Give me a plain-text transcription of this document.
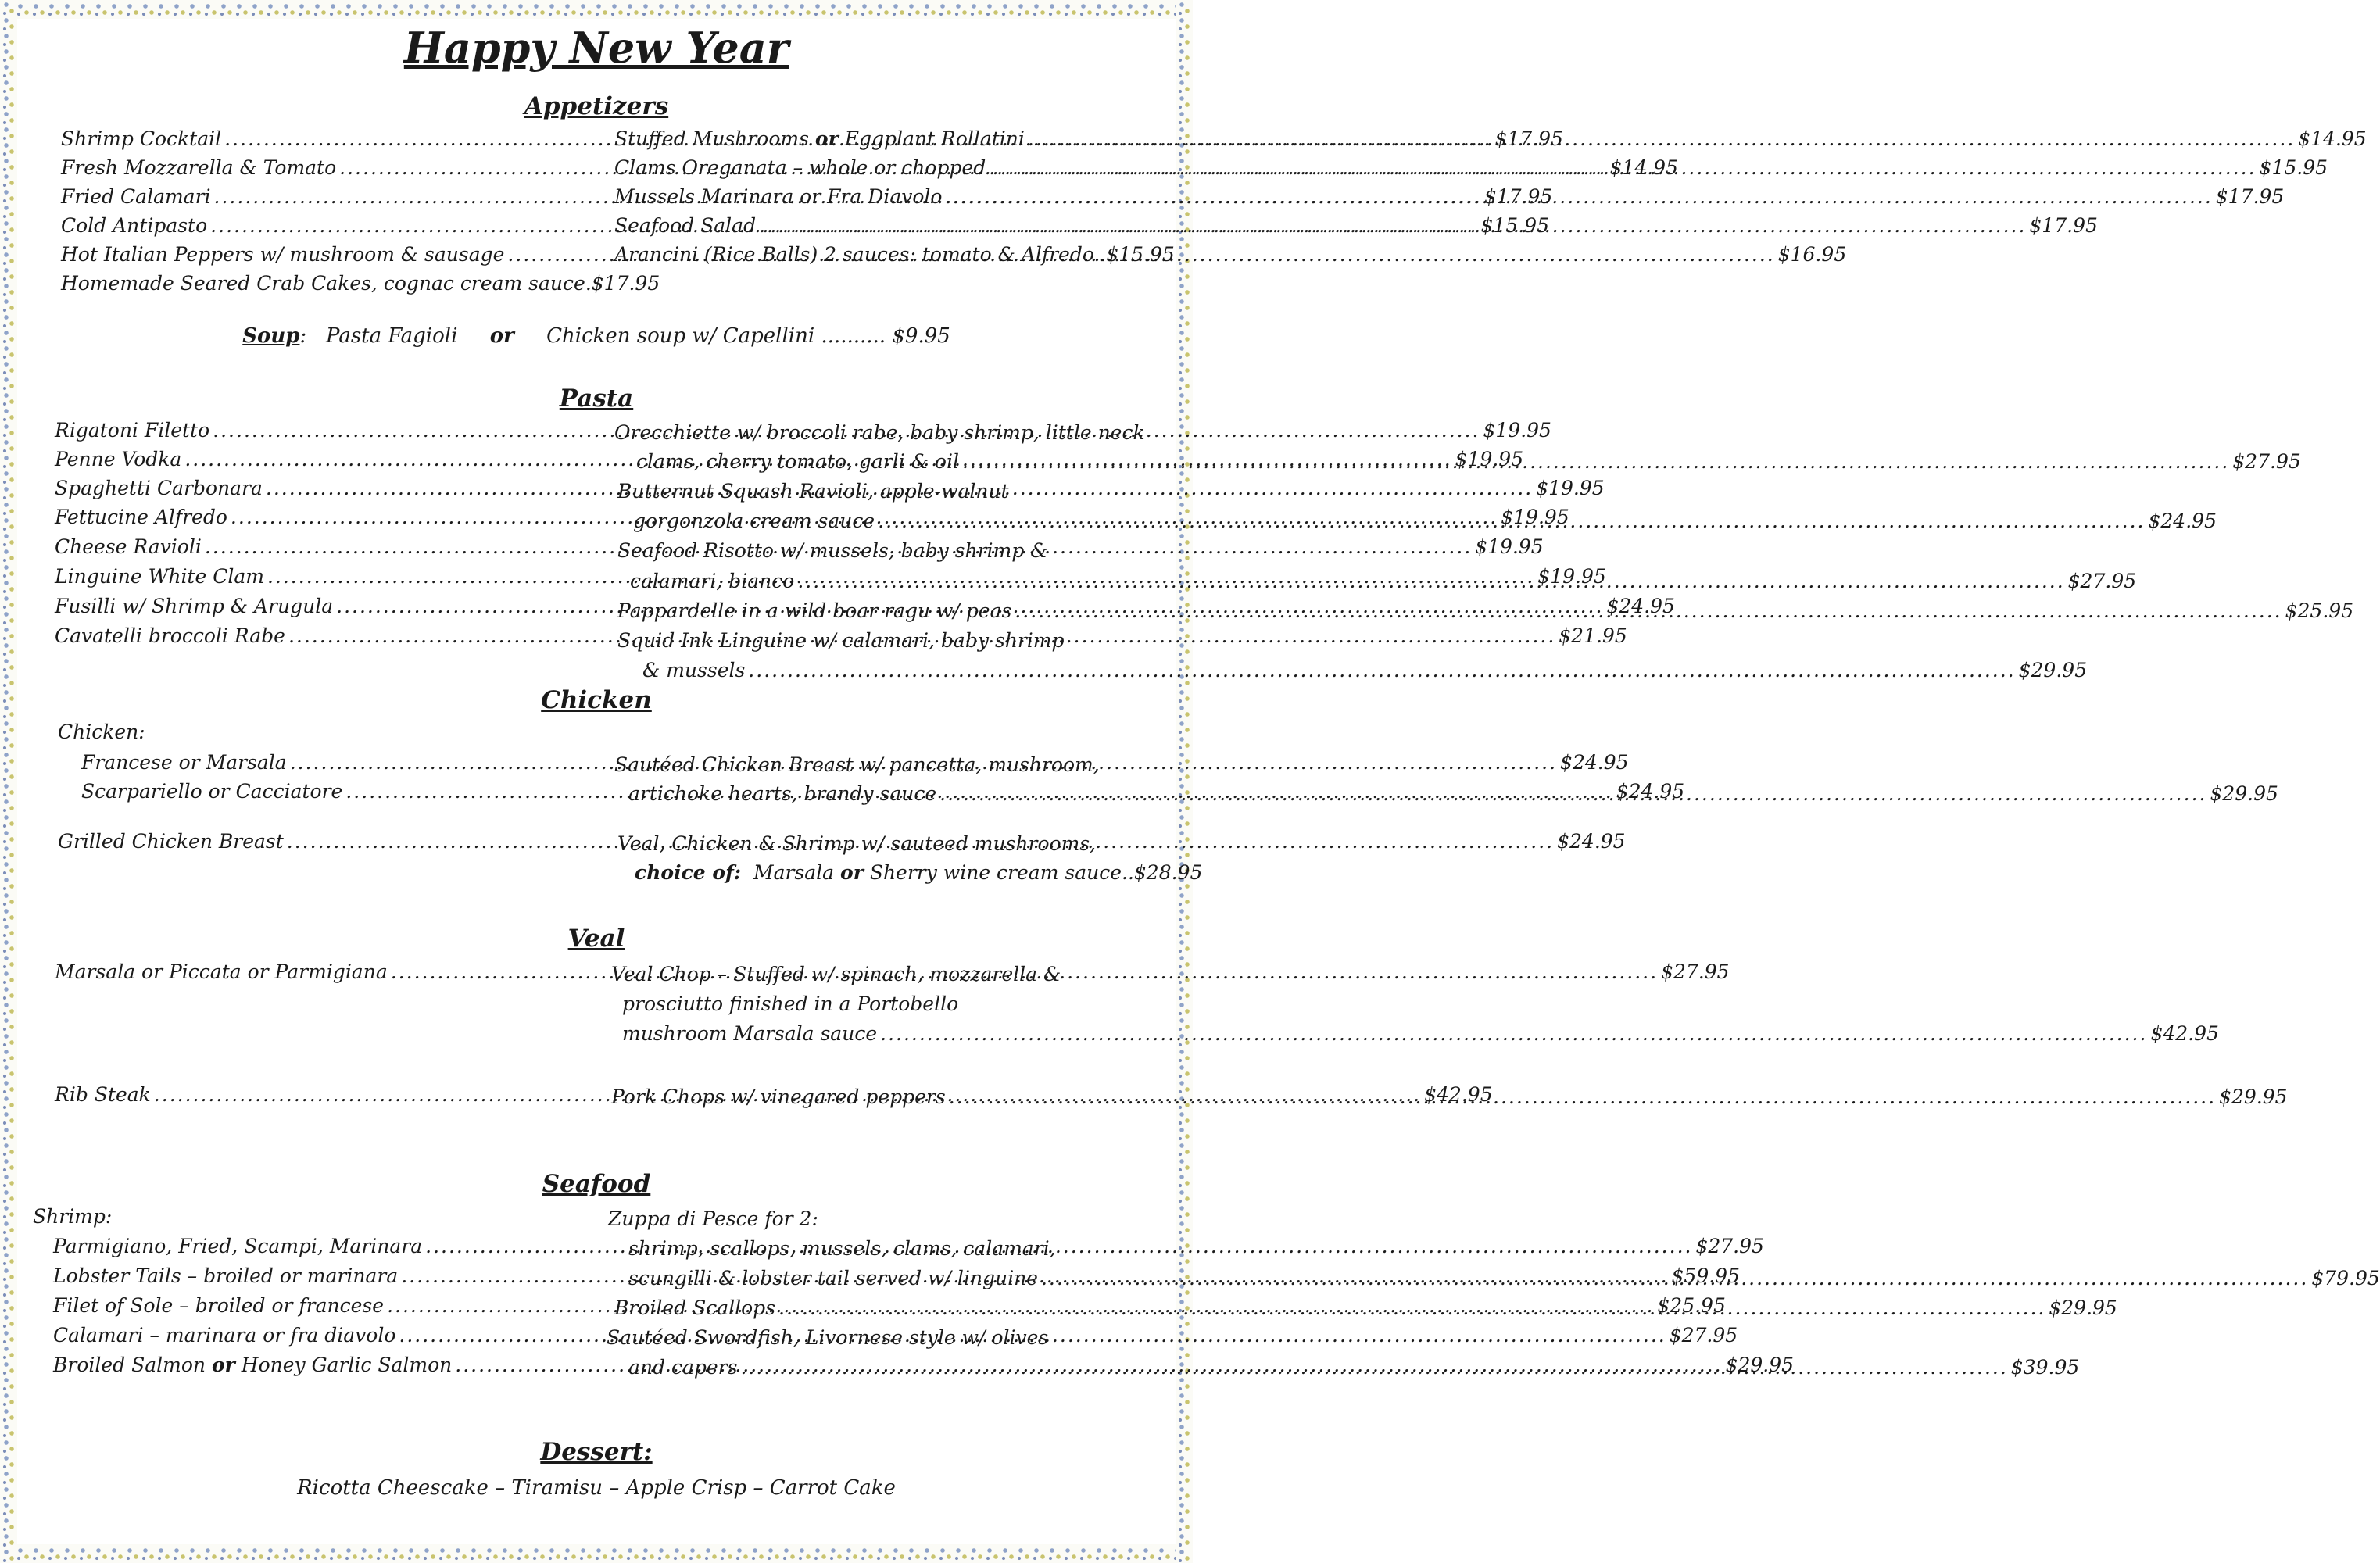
Happy New Year
Appetizers
Shrimp Cocktail .....	$17.95
Fresh Mozzarella & Tomato .....	$14.95
Fried Calamari .....	$17.95
Cold Antipasto .....	$15.95
Hot Italian Peppers w/ mushroom & sausage .....	$16.95
Homemade Seared Crab Cakes, cognac cream sauce. $17.95
Stuffed Mushrooms or Eggplant Rollatini .....	$14.95
Clams Oreganata – whole or chopped .....	$15.95
Mussels Marinara or Fra Diavolo .....	$17.95
Seafood Salad .....	$17.95
Arancini (Rice Balls) 2 sauces: tomato & Alfredo.. $15.95
Soup: Pasta Fagioli or Chicken soup w/ Capellini .......... $9.95
Pasta
Rigatoni Filetto .....	$19.95
Penne Vodka .....	$19.95
Spaghetti Carbonara .....	$19.95
Fettucine Alfredo .....	$19.95
Cheese Ravioli .....	$19.95
Linguine White Clam .....	$19.95
Fusilli w/ Shrimp & Arugula .....	$24.95
Cavatelli broccoli Rabe .....	$21.95
Orecchiette w/ broccoli rabe, baby shrimp, little neck
clams, cherry tomato, garli & oil .....	$27.95
Butternut Squash Ravioli, apple-walnut
gorgonzola cream sauce .....	$24.95
Seafood Risotto w/ mussels, baby shrimp &
calamari, bianco .....	$27.95
Pappardelle in a wild boar ragu w/ peas .....	$25.95
Squid Ink Linguine w/ calamari, baby shrimp
& mussels .....	$29.95
Chicken
Chicken:
Francese or Marsala .....	$24.95
Scarpariello or Cacciatore .....	$24.95
Grilled Chicken Breast .....	$24.95
Sautéed Chicken Breast w/ pancetta, mushroom,
artichoke hearts, brandy sauce .....	$29.95
Veal, Chicken & Shrimp w/ sauteed mushrooms,
choice of: Marsala or Sherry wine cream sauce.. $28.95
Veal
Marsala or Piccata or Parmigiana .....	$27.95
Rib Steak .....	$42.95
Veal Chop – Stuffed w/ spinach, mozzarella &
prosciutto finished in a Portobello
mushroom Marsala sauce .....	$42.95
Pork Chops w/ vinegared peppers .....	$29.95
Seafood
Shrimp:
Parmigiano, Fried, Scampi, Marinara .....	$27.95
Lobster Tails – broiled or marinara .....	$59.95
Filet of Sole – broiled or francese .....	$25.95
Calamari – marinara or fra diavolo .....	$27.95
Broiled Salmon or Honey Garlic Salmon .....	$29.95
Zuppa di Pesce for 2:
shrimp, scallops, mussels, clams, calamari,
scungilli & lobster tail served w/ linguine .....	$79.95
Broiled Scallops .....	$29.95
Sautéed Swordfish, Livornese style w/ olives
and capers .....	$39.95
Dessert:
Ricotta Cheescake – Tiramisu – Apple Crisp – Carrot Cake
